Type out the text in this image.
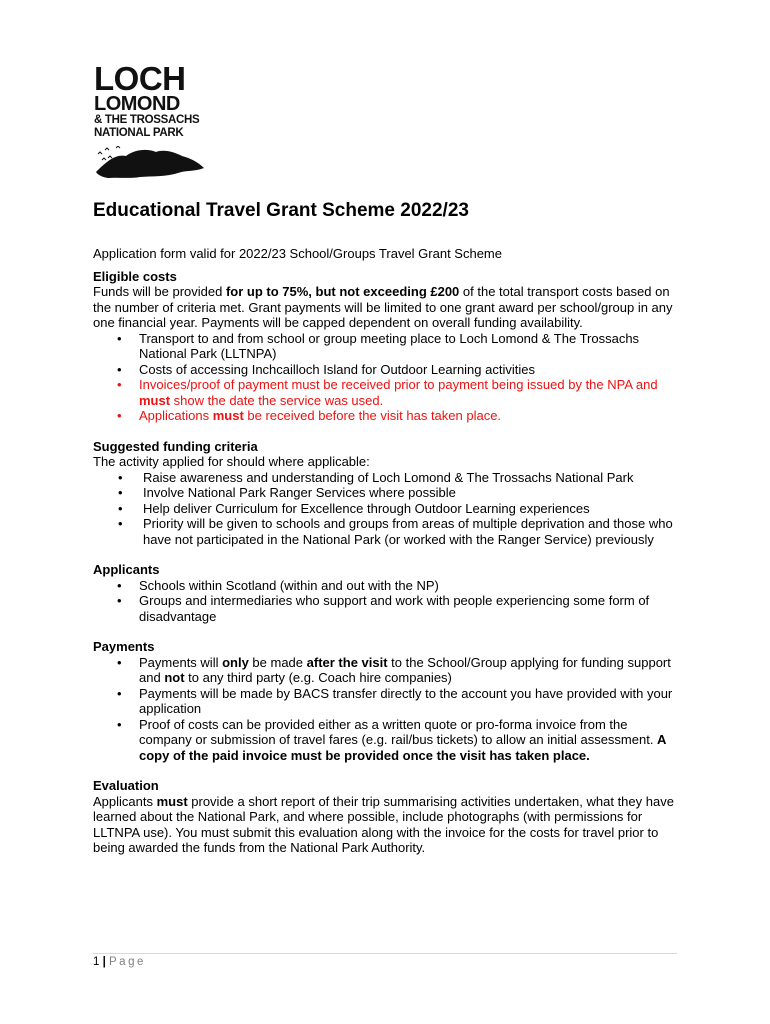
LOCH
LOMOND
& THE TROSSACHS
NATIONAL PARK
Educational Travel Grant Scheme 2022/23

Application form valid for 2022/23 School/Groups Travel Grant Scheme

Eligible costs

Funds will be provided for up to 75%, but not exceeding £200 of the total transport costs based on the number of criteria met. Grant payments will be limited to one grant award per school/group in any one financial year. Payments will be capped dependent on overall funding availability.

• Transport to and from school or group meeting place to Loch Lomond & The Trossachs National Park (LLTNPA)
• Costs of accessing Inchcailloch Island for Outdoor Learning activities
• Invoices/proof of payment must be received prior to payment being issued by the NPA and must show the date the service was used.
• Applications must be received before the visit has taken place.

Suggested funding criteria

The activity applied for should where applicable:

• Raise awareness and understanding of Loch Lomond & The Trossachs National Park
• Involve National Park Ranger Services where possible
• Help deliver Curriculum for Excellence through Outdoor Learning experiences
• Priority will be given to schools and groups from areas of multiple deprivation and those who have not participated in the National Park (or worked with the Ranger Service) previously

Applicants

• Schools within Scotland (within and out with the NP)
• Groups and intermediaries who support and work with people experiencing some form of disadvantage

Payments

• Payments will only be made after the visit to the School/Group applying for funding support and not to any third party (e.g. Coach hire companies)
• Payments will be made by BACS transfer directly to the account you have provided with your application
• Proof of costs can be provided either as a written quote or pro-forma invoice from the company or submission of travel fares (e.g. rail/bus tickets) to allow an initial assessment. A copy of the paid invoice must be provided once the visit has taken place.

Evaluation

Applicants must provide a short report of their trip summarising activities undertaken, what they have learned about the National Park, and where possible, include photographs (with permissions for LLTNPA use). You must submit this evaluation along with the invoice for the costs for travel prior to being awarded the funds from the National Park Authority.

1 | Page
